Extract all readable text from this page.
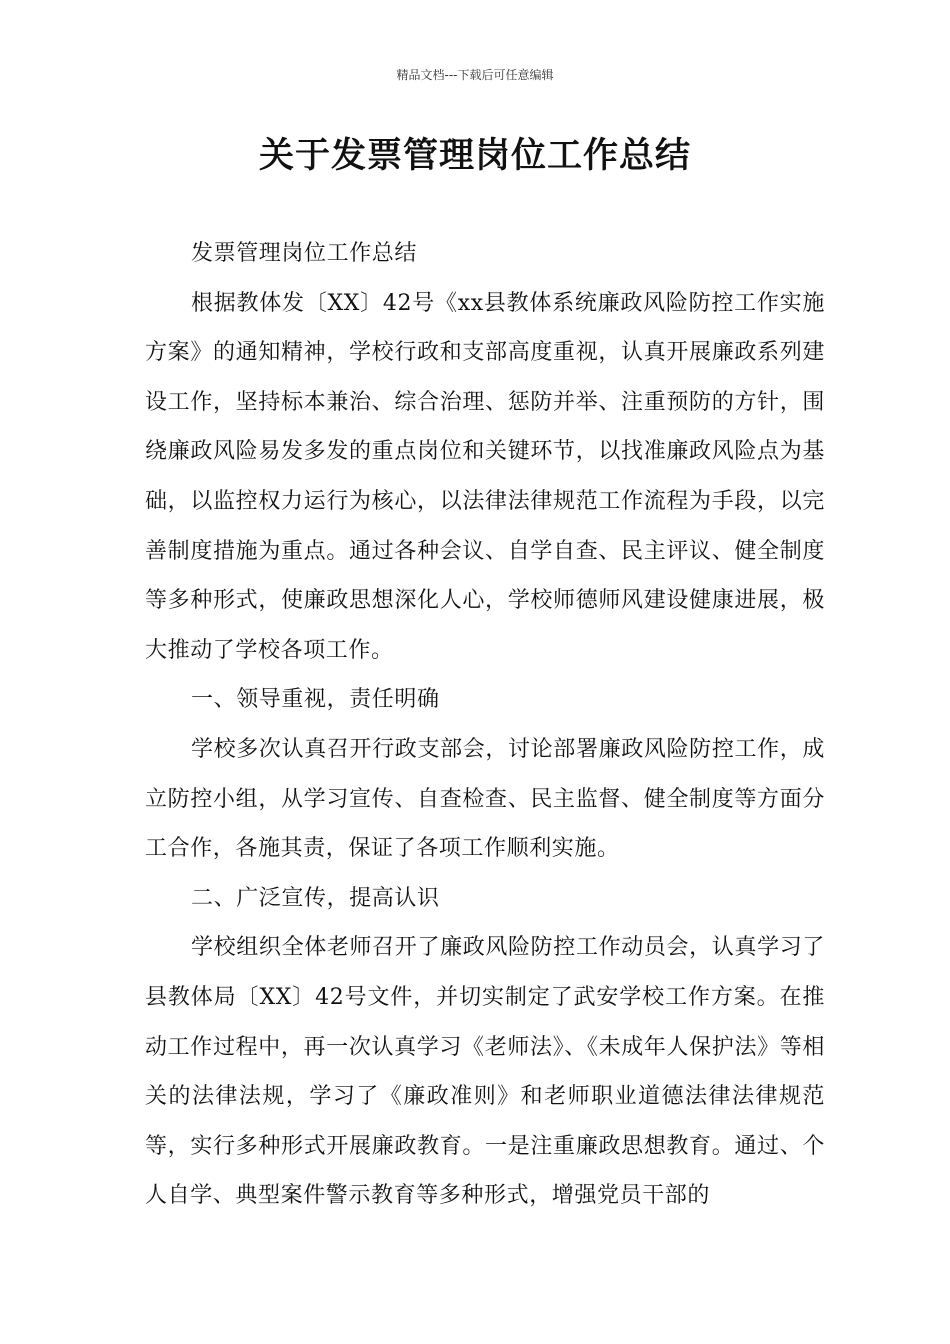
精品文档---下载后可任意编辑
关于发票管理岗位工作总结

发票管理岗位工作总结

根据教体发〔XX〕42号《xx县教体系统廉政风险防控工作实施方案》的通知精神，学校行政和支部高度重视，认真开展廉政系列建设工作，坚持标本兼治、综合治理、惩防并举、注重预防的方针，围绕廉政风险易发多发的重点岗位和关键环节，以找准廉政风险点为基础，以监控权力运行为核心，以法律法律规范工作流程为手段，以完善制度措施为重点。通过各种会议、自学自查、民主评议、健全制度等多种形式，使廉政思想深化人心，学校师德师风建设健康进展，极大推动了学校各项工作。

一、领导重视，责任明确

学校多次认真召开行政支部会，讨论部署廉政风险防控工作，成立防控小组，从学习宣传、自查检查、民主监督、健全制度等方面分工合作，各施其责，保证了各项工作顺利实施。

二、广泛宣传，提高认识

学校组织全体老师召开了廉政风险防控工作动员会，认真学习了县教体局〔XX〕42号文件，并切实制定了武安学校工作方案。在推动工作过程中，再一次认真学习《老师法》、《未成年人保护法》等相关的法律法规，学习了《廉政准则》和老师职业道德法律法律规范等，实行多种形式开展廉政教育。一是注重廉政思想教育。通过、个人自学、典型案件警示教育等多种形式，增强党员干部的
